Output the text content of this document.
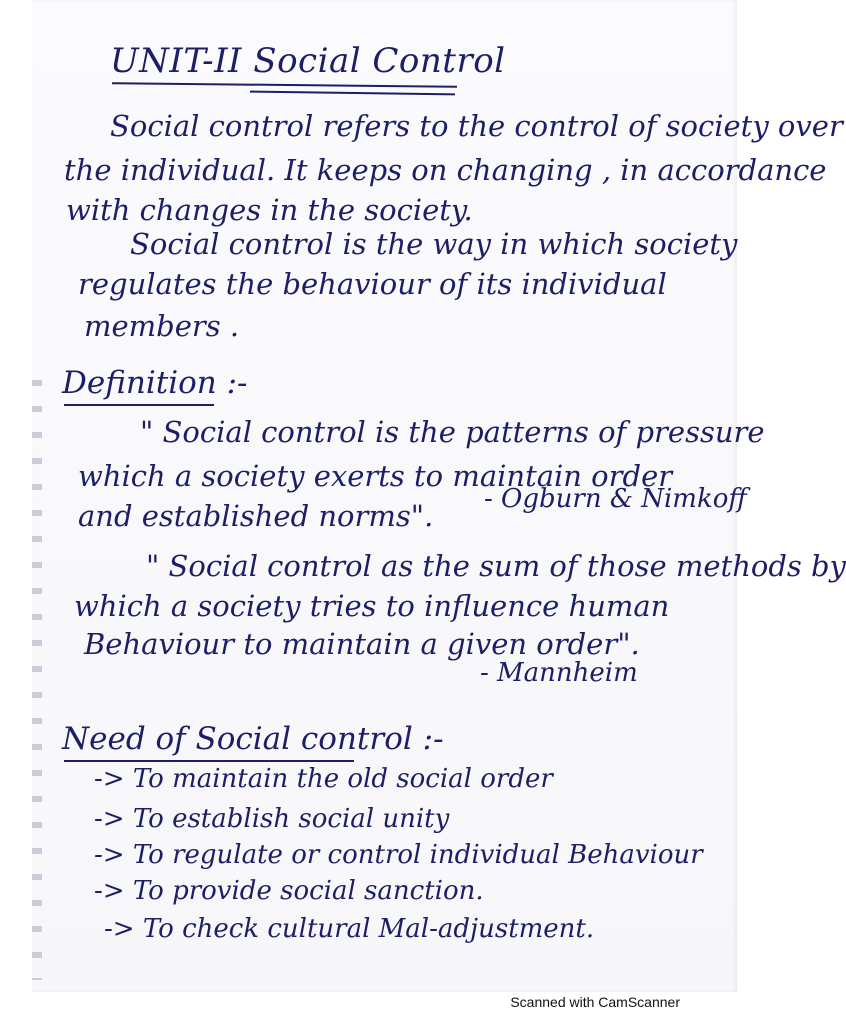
UNIT-II Social Control
Social control refers to the control of society over
the individual. It keeps on changing , in accordance
with changes in the society.
Social control is the way in which society
regulates the behaviour of its individual
members .
Definition :-
" Social control is the patterns of pressure
which a society exerts to maintain order
and established norms". - Ogburn & Nimkoff
" Social control as the sum of those methods by
which a society tries to influence human
Behaviour to maintain a given order".
- Mannheim
Need of Social control :-
-> To maintain the old social order
-> To establish social unity
-> To regulate or control individual Behaviour
-> To provide social sanction.
-> To check cultural Mal-adjustment.
Scanned with CamScanner
